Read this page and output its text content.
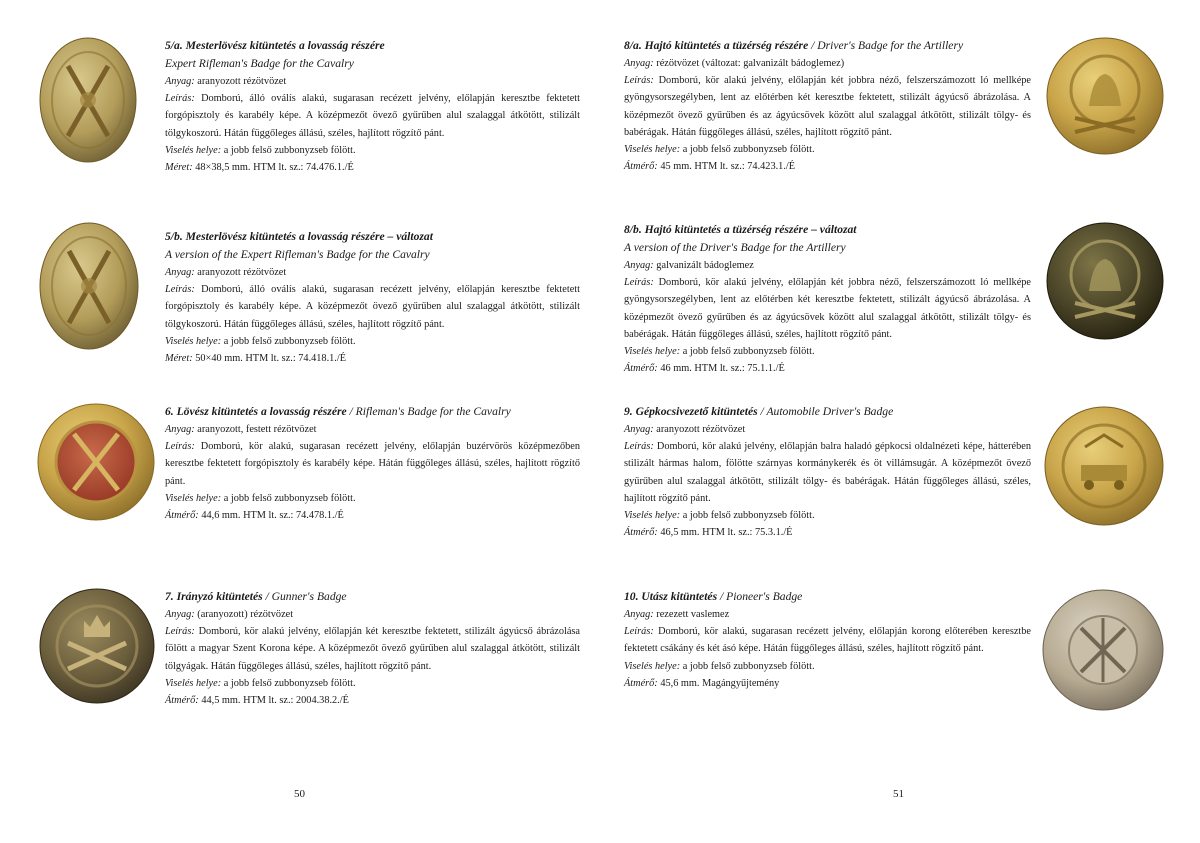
5/a. Mesterlövész kitüntetés a lovasság részére
Expert Rifleman's Badge for the Cavalry

Anyag: aranyozott rézötvözet

Leírás: Domború, álló oválís alakú, sugarasan recézett jelvény, előlapján keresztbe fektetett forgópisztoly és karabély képe. A középmezőt övező gyűrűben alul szalaggal átkötött, stilizált tölgykoszorú. Hátán függőleges állású, széles, hajlított rögzítő pánt.

Viselés helye: a jobb felső zubbonyzseb fölött.

Méret: 48×38,5 mm. HTM lt. sz.: 74.476.1./É

5/b. Mesterlövész kitüntetés a lovasság részére – változat
A version of the Expert Rifleman's Badge for the Cavalry

Anyag: aranyozott rézötvözet

Leírás: Domború, álló oválís alakú, sugarasan recézett jelvény, előlapján keresztbe fektetett forgópisztoly és karabély képe. A középmezőt övező gyűrűben alul szalaggal átkötött, stilizált tölgykoszorú. Hátán függőleges állású, széles, hajlított rögzítő pánt.

Viselés helye: a jobb felső zubbonyzseb fölött.

Méret: 50×40 mm. HTM lt. sz.: 74.418.1./É

6. Lövész kitüntetés a lovasság részére / Rifleman's Badge for the Cavalry

Anyag: aranyozott, festett rézötvözet

Leírás: Domború, kör alakú, sugarasan recézett jelvény, előlapján buzérvörös középmezőben keresztbe fektetett forgópisztoly és karabély képe. Hátán függőleges állású, széles, hajlított rögzítő pánt.

Viselés helye: a jobb felső zubbonyzseb fölött.

Átmérő: 44,6 mm. HTM lt. sz.: 74.478.1./É

7. Irányzó kitüntetés / Gunner's Badge

Anyag: (aranyozott) rézötvözet

Leírás: Domború, kör alakú jelvény, előlapján két keresztbe fektetett, stilizált ágyúcső ábrázolása fölött a magyar Szent Korona képe. A középmezőt övező gyűrűben alul szalaggal átkötött, stilizált tölgyágak. Hátán függőleges állású, széles, hajlított rögzítő pánt.

Viselés helye: a jobb felső zubbonyzseb fölött.

Átmérő: 44,5 mm. HTM lt. sz.: 2004.38.2./É

8/a. Hajtó kitüntetés a tüzérség részére / Driver's Badge for the Artillery

Anyag: rézötvözet (változat: galvanizált bádoglemez)

Leírás: Domború, kör alakú jelvény, előlapján két jobbra néző, felszerszámozott ló mellképe gyöngysorszegélyben, lent az előtérben két keresztbe fektetett, stilizált ágyúcső ábrázolása. A középmezőt övező gyűrűben és az ágyúcsövek között alul szalaggal átkötött, stilizált tölgy- és babérágak. Hátán függőleges állású, széles, hajlított rögzítő pánt.

Viselés helye: a jobb felső zubbonyzseb fölött.

Átmérő: 45 mm. HTM lt. sz.: 74.423.1./É

8/b. Hajtó kitüntetés a tüzérség részére – változat
A version of the Driver's Badge for the Artillery

Anyag: galvanizált bádoglemez

Leírás: Domború, kör alakú jelvény, előlapján két jobbra néző, felszerszámozott ló mellképe gyöngysorszegélyben, lent az előtérben két keresztbe fektetett, stilizált ágyúcső ábrázolása. A középmezőt övező gyűrűben és az ágyúcsövek között alul szalaggal átkötött, stilizált tölgy- és babérágak. Hátán függőleges állású, széles, hajlított rögzítő pánt.

Viselés helye: a jobb felső zubbonyzseb fölött.

Átmérő: 46 mm. HTM lt. sz.: 75.1.1./É

9. Gépkocsivezető kitüntetés / Automobile Driver's Badge

Anyag: aranyozott rézötvözet

Leírás: Domború, kör alakú jelvény, előlapján balra haladó gépkocsi oldalnézeti képe, hátterében stilizált hármas halom, fölötte szárnyas kormánykerék és öt villámsugár. A középmezőt övező gyűrűben alul szalaggal átkötött, stilizált tölgy- és babérágak. Hátán függőleges állású, széles, hajlított rögzítő pánt.

Viselés helye: a jobb felső zubbonyzseb fölött.

Átmérő: 46,5 mm. HTM lt. sz.: 75.3.1./É

10. Utász kitüntetés / Pioneer's Badge

Anyag: rezezett vaslemez

Leírás: Domború, kör alakú, sugarasan recézett jelvény, előlapján korong előterében keresztbe fektetett csákány és két ásó képe. Hátán függőleges állású, széles, hajlított rögzítő pánt.

Viselés helye: a jobb felső zubbonyzseb fölött.

Átmérő: 45,6 mm. Magángyűjtemény

50	51
